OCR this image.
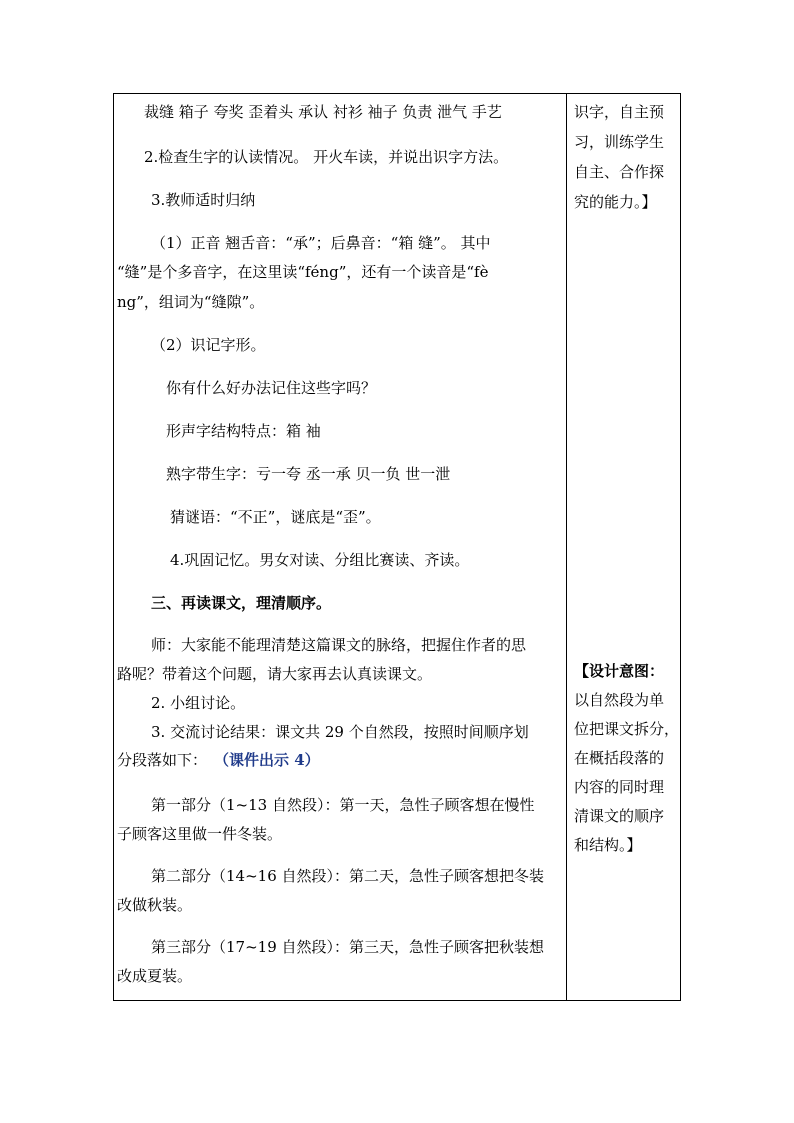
裁缝 箱子 夸奖 歪着头 承认 衬衫 袖子 负责 泄气 手艺
2.检查生字的认读情况。 开火车读，并说出识字方法。
3.教师适时归纳
（1）正音 翘舌音：“承”；后鼻音：“箱 缝”。 其中
“缝”是个多音字，在这里读“féng”，还有一个读音是“fè
ng”，组词为“缝隙”。
（2）识记字形。
你有什么好办法记住这些字吗？
形声字结构特点：箱 袖
熟字带生字：亏一夸 丞一承 贝一负 世一泄
猜谜语：“不正”，谜底是“歪”。
4.巩固记忆。男女对读、分组比赛读、齐读。
三、再读课文，理清顺序。
师：大家能不能理清楚这篇课文的脉络，把握住作者的思
路呢？带着这个问题，请大家再去认真读课文。
2. 小组讨论。
3. 交流讨论结果：课文共 29 个自然段，按照时间顺序划
分段落如下： （课件出示 4）
第一部分（1~13 自然段）：第一天，急性子顾客想在慢性
子顾客这里做一件冬装。
第二部分（14~16 自然段）：第二天，急性子顾客想把冬装
改做秋装。
第三部分（17~19 自然段）：第三天，急性子顾客把秋装想
改成夏装。
识字，自主预
习，训练学生
自主、合作探
究的能力。】
【设计意图：
以自然段为单
位把课文拆分，
在概括段落的
内容的同时理
清课文的顺序
和结构。】
